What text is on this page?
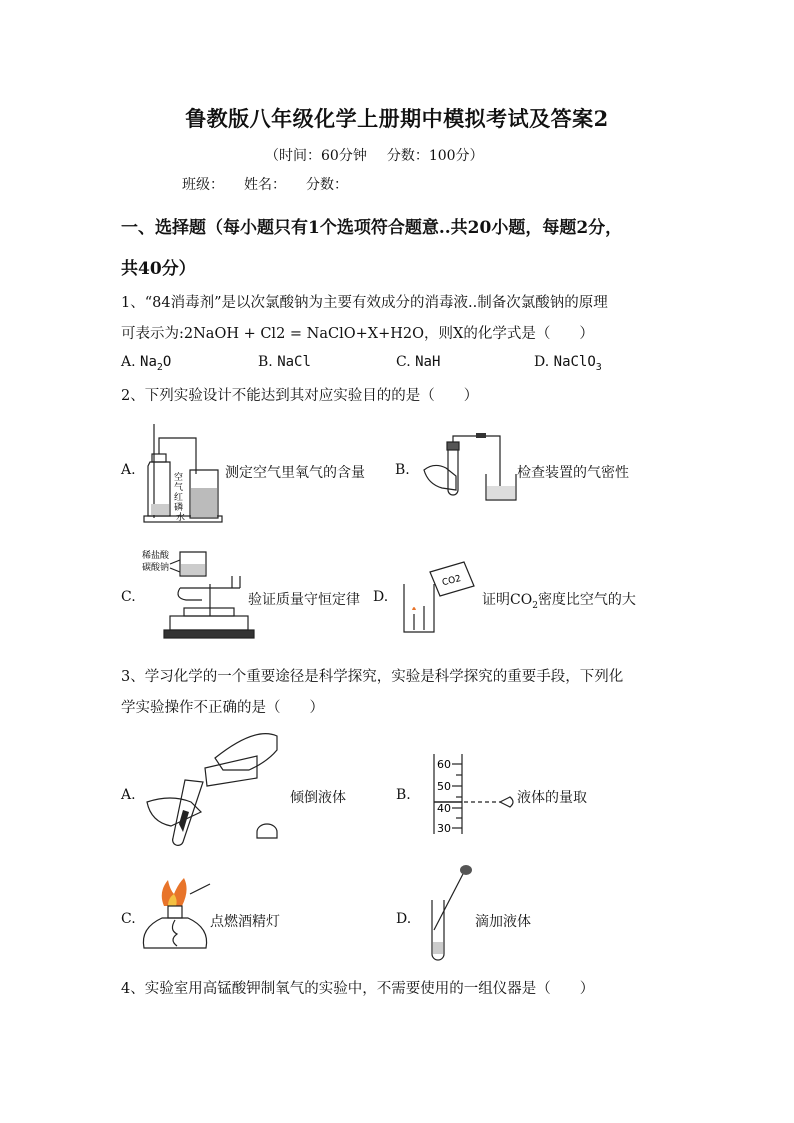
鲁教版八年级化学上册期中模拟考试及答案2
（时间：60分钟 分数：100分）
班级： 姓名： 分数：
一、选择题（每小题只有1个选项符合题意..共20小题，每题2分，
共40分）
1、“84消毒剂”是以次氯酸钠为主要有效成分的消毒液..制备次氯酸钠的原理
可表示为:2NaOH + Cl2 = NaClO+X+H2O，则X的化学式是（　　）
A. $Na_2O$	B. NaCl	C. NaH	D. NaClO$_3$
2、下列实验设计不能达到其对应实验目的的是（　　）
A.	空
气
红
磷
水
测定空气里氧气的含量 B.	检查装置的气密性
C.
稀盐酸
碳酸钠
验证质量守恒定律 D.
CO2
证明$CO_2$密度比空气的大
3、学习化学的一个重要途径是科学探究，实验是科学探究的重要手段，下列化
学实验操作不正确的是（　　）
A.	倾倒液体	B.
60
50
40
30
液体的量取
C.	点燃酒精灯	D.	滴加液体
4、实验室用高锰酸钾制氧气的实验中，不需要使用的一组仪器是（　　）
